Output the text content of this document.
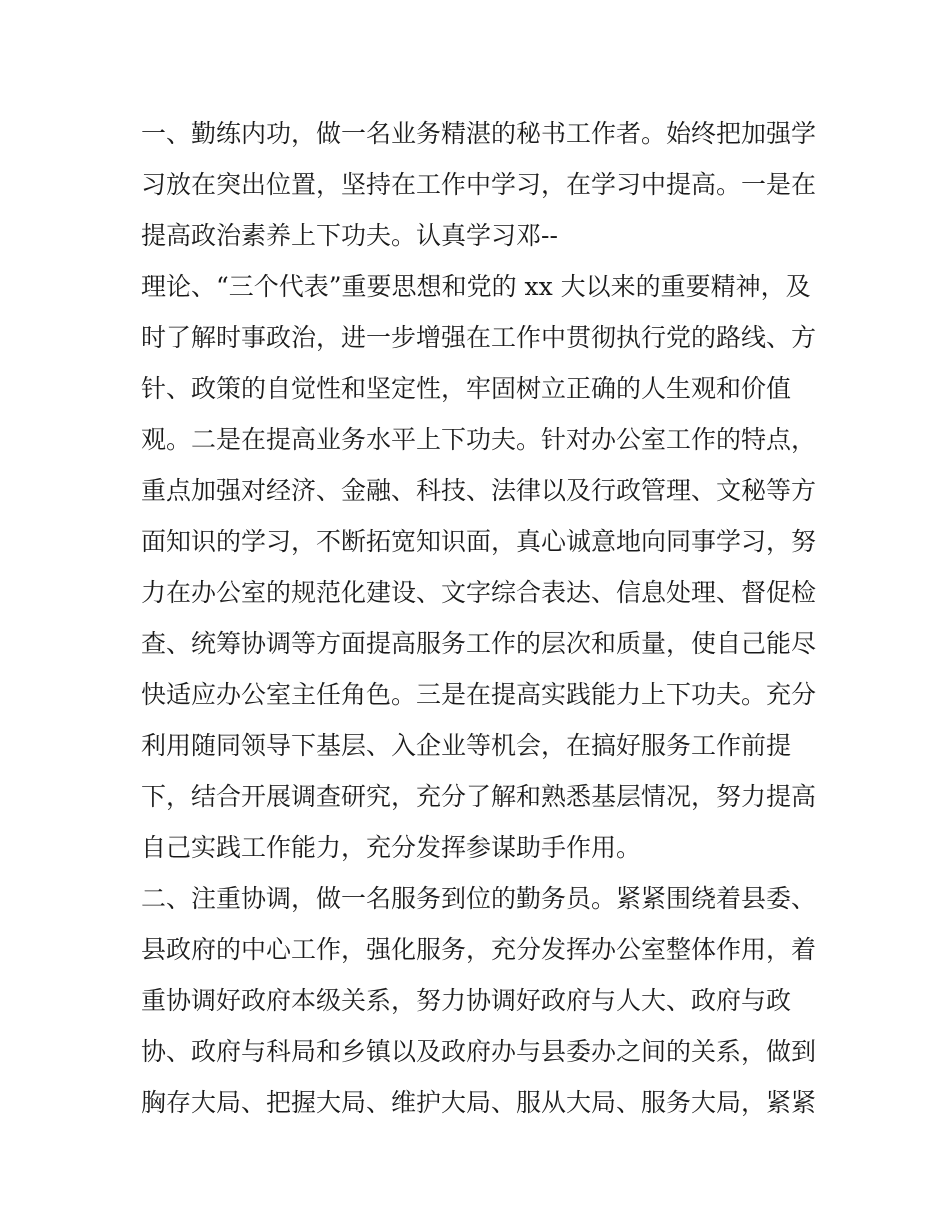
一、勤练内功，做一名业务精湛的秘书工作者。始终把加强学
习放在突出位置，坚持在工作中学习，在学习中提高。一是在
提高政治素养上下功夫。认真学习邓--
理论、“三个代表”重要思想和党的 xx 大以来的重要精神，及
时了解时事政治，进一步增强在工作中贯彻执行党的路线、方
针、政策的自觉性和坚定性，牢固树立正确的人生观和价值
观。二是在提高业务水平上下功夫。针对办公室工作的特点，
重点加强对经济、金融、科技、法律以及行政管理、文秘等方
面知识的学习，不断拓宽知识面，真心诚意地向同事学习，努
力在办公室的规范化建设、文字综合表达、信息处理、督促检
查、统筹协调等方面提高服务工作的层次和质量，使自己能尽
快适应办公室主任角色。三是在提高实践能力上下功夫。充分
利用随同领导下基层、入企业等机会，在搞好服务工作前提
下，结合开展调查研究，充分了解和熟悉基层情况，努力提高
自己实践工作能力，充分发挥参谋助手作用。
二、注重协调，做一名服务到位的勤务员。紧紧围绕着县委、
县政府的中心工作，强化服务，充分发挥办公室整体作用，着
重协调好政府本级关系，努力协调好政府与人大、政府与政
协、政府与科局和乡镇以及政府办与县委办之间的关系，做到
胸存大局、把握大局、维护大局、服从大局、服务大局，紧紧
